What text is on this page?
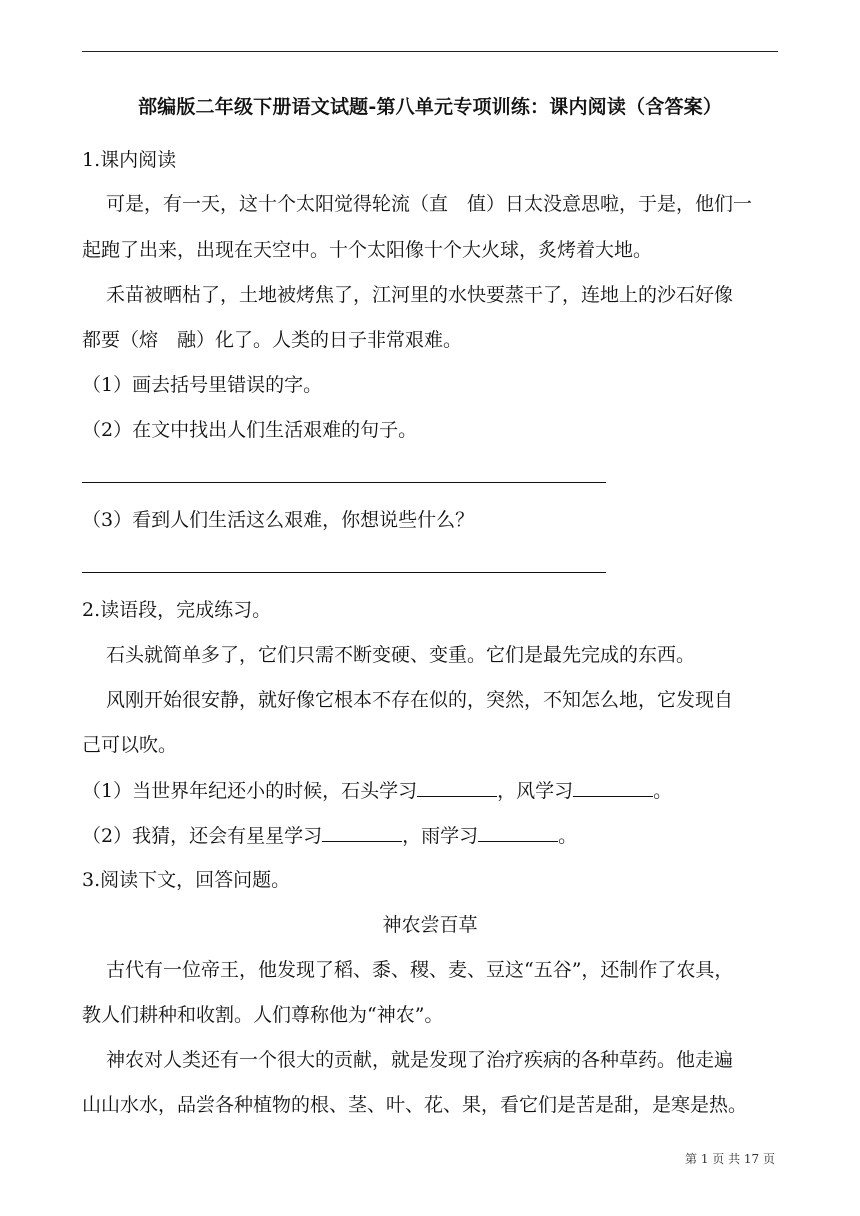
部编版二年级下册语文试题-第八单元专项训练：课内阅读（含答案）
1.课内阅读
可是，有一天，这十个太阳觉得轮流（直　值）日太没意思啦，于是，他们一
起跑了出来，出现在天空中。十个太阳像十个大火球，炙烤着大地。
禾苗被晒枯了，土地被烤焦了，江河里的水快要蒸干了，连地上的沙石好像
都要（熔　融）化了。人类的日子非常艰难。
（1）画去括号里错误的字。
（2）在文中找出人们生活艰难的句子。
（3）看到人们生活这么艰难，你想说些什么？
2.读语段，完成练习。
石头就简单多了，它们只需不断变硬、变重。它们是最先完成的东西。
风刚开始很安静，就好像它根本不存在似的，突然，不知怎么地，它发现自
己可以吹。
（1）当世界年纪还小的时候，石头学习	，风学习	。
（2）我猜，还会有星星学习	，雨学习	。
3.阅读下文，回答问题。
神农尝百草
古代有一位帝王，他发现了稻、黍、稷、麦、豆这“五谷”，还制作了农具，
教人们耕种和收割。人们尊称他为“神农”。
神农对人类还有一个很大的贡献，就是发现了治疗疾病的各种草药。他走遍
山山水水，品尝各种植物的根、茎、叶、花、果，看它们是苦是甜，是寒是热。
第 1 页 共 17 页
